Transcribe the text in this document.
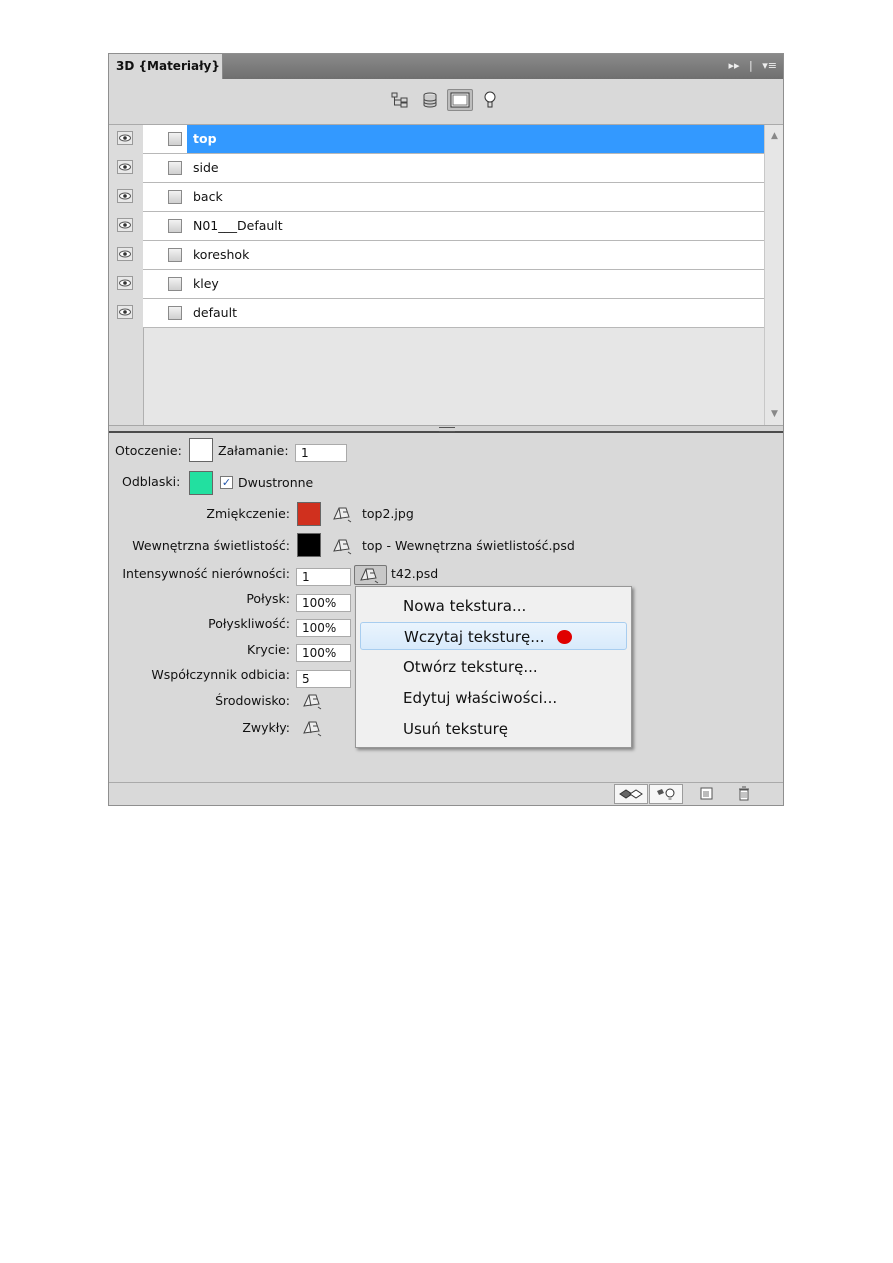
3D {Materiały}	▸▸ | ▾≡
top
side
back
N01___Default
koreshok
kley
default
▲
▼
Otoczenie:	Załamanie:	1
Odblaski:	✓ Dwustronne
Zmiękczenie:	top2.jpg
Wewnętrzna świetlistość:	top - Wewnętrzna świetlistość.psd
Intensywność nierówności:	1	t42.psd
Połysk:	100%
Połyskliwość:	100%
Krycie:	100%
Współczynnik odbicia:	5
Środowisko:
Zwykły:
Nowa tekstura...
Wczytaj teksturę...
Otwórz teksturę...
Edytuj właściwości...
Usuń teksturę
